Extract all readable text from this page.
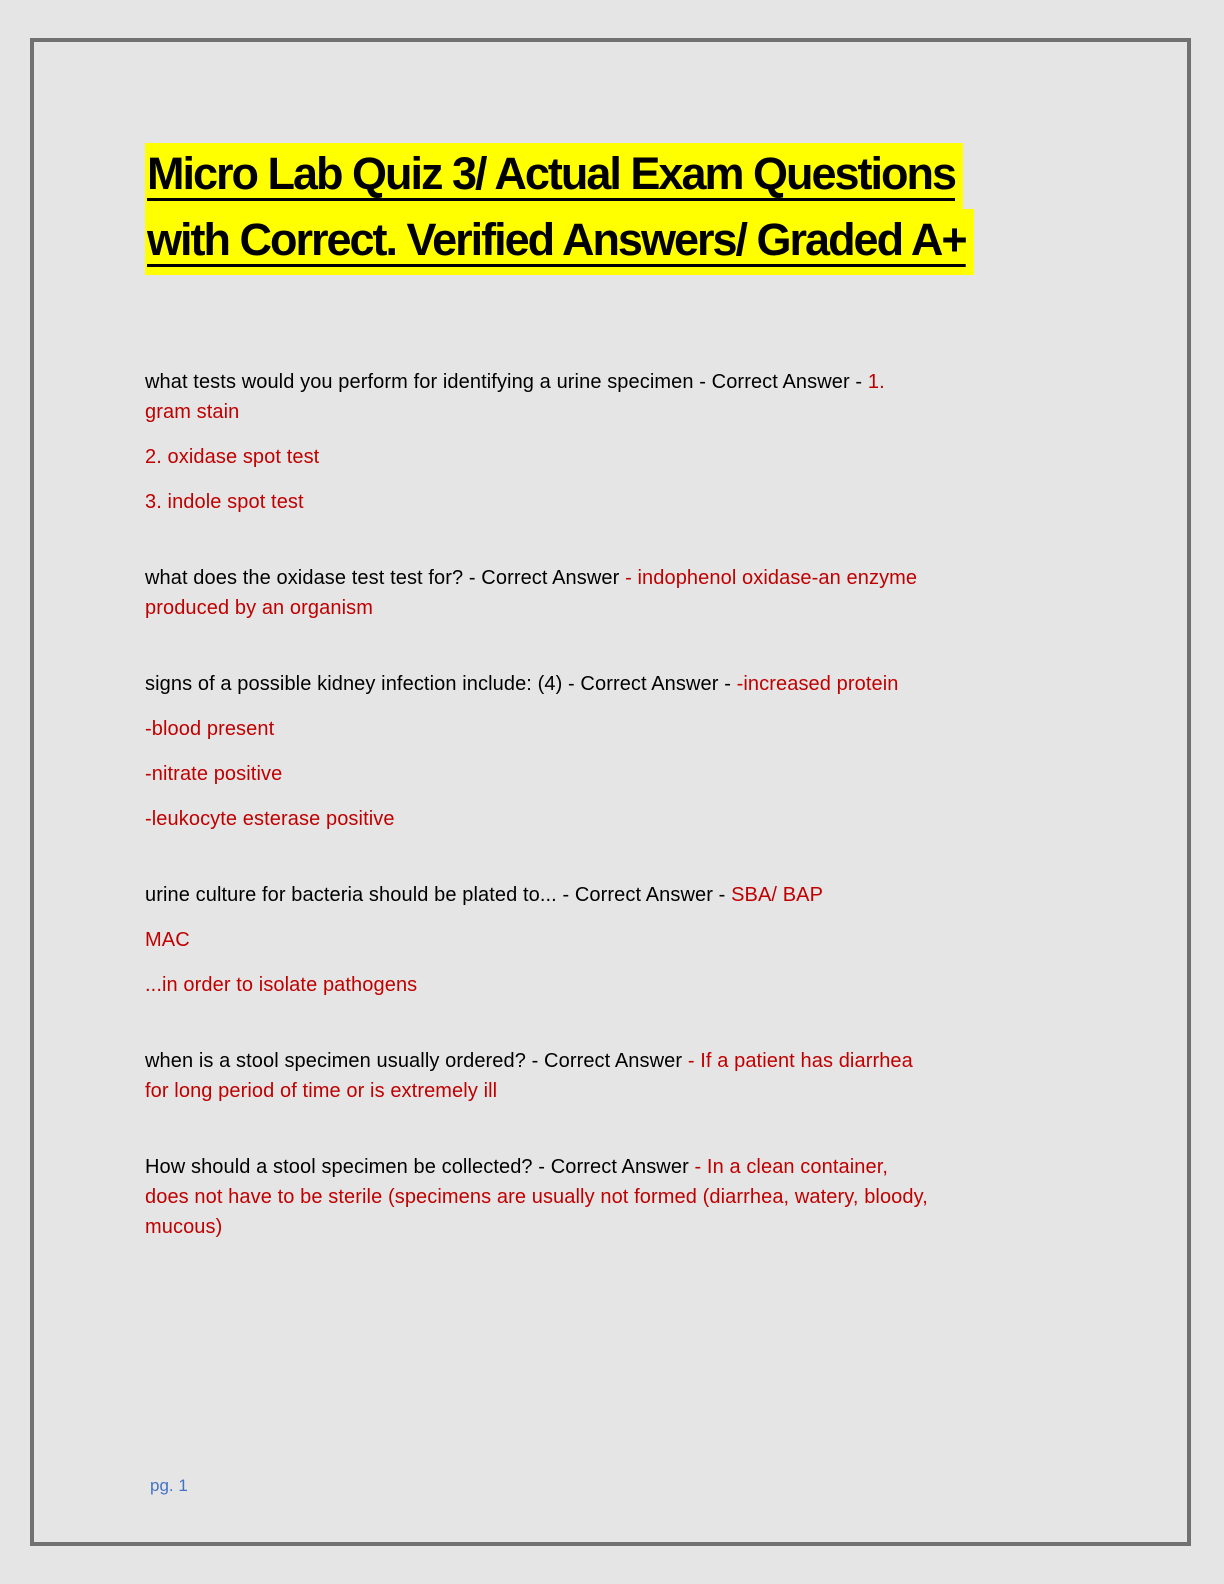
Micro Lab Quiz 3/ Actual Exam Questions
with Correct. Verified Answers/ Graded A+
what tests would you perform for identifying a urine specimen - Correct Answer - 1.
gram stain
2. oxidase spot test
3. indole spot test
what does the oxidase test test for? - Correct Answer - indophenol oxidase-an enzyme
produced by an organism
signs of a possible kidney infection include: (4) - Correct Answer - -increased protein
-blood present
-nitrate positive
-leukocyte esterase positive
urine culture for bacteria should be plated to... - Correct Answer - SBA/ BAP
MAC
...in order to isolate pathogens
when is a stool specimen usually ordered? - Correct Answer - If a patient has diarrhea
for long period of time or is extremely ill
How should a stool specimen be collected? - Correct Answer - In a clean container,
does not have to be sterile (specimens are usually not formed (diarrhea, watery, bloody,
mucous)
pg. 1
